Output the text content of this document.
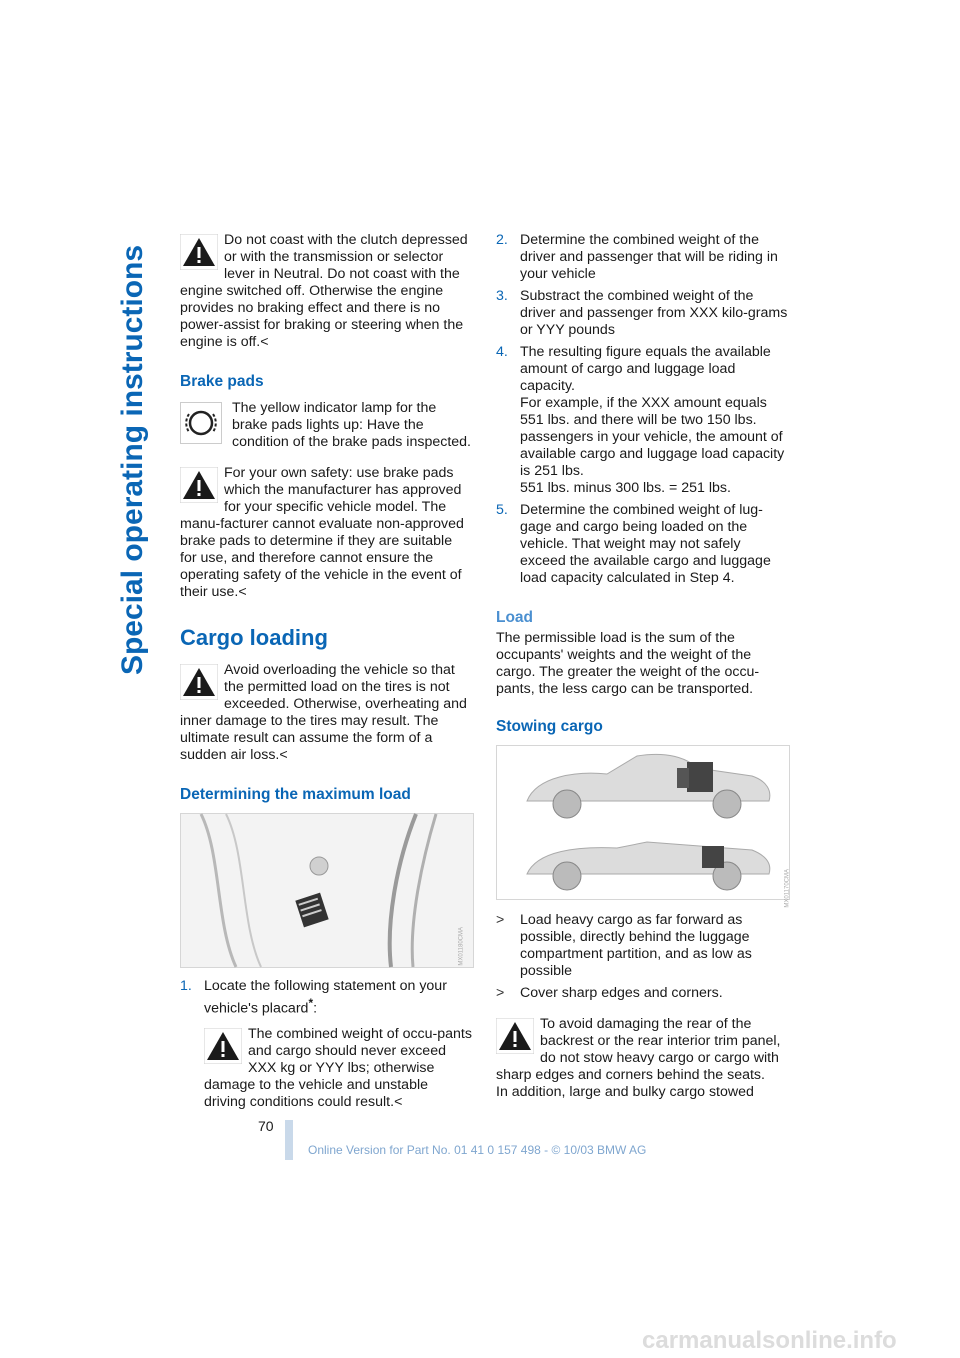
Special operating instructions

Do not coast with the clutch depressed or with the transmission or selector lever in Neutral. Do not coast with the engine switched off. Otherwise the engine provides no braking effect and there is no power-assist for braking or steering when the engine is off.<

Brake pads

The yellow indicator lamp for the brake pads lights up: Have the condition of the brake pads inspected.

For your own safety: use brake pads which the manufacturer has approved for your specific vehicle model. The manu-facturer cannot evaluate non-approved brake pads to determine if they are suitable for use, and therefore cannot ensure the operating safety of the vehicle in the event of their use.<

Cargo loading

Avoid overloading the vehicle so that the permitted load on the tires is not exceeded. Otherwise, overheating and inner damage to the tires may result. The ultimate result can assume the form of a sudden air loss.<

Determining the maximum load
MX01180CMA
1. Locate the following statement on your vehicle's placard*:

The combined weight of occu-pants and cargo should never exceed XXX kg or YYY lbs; otherwise damage to the vehicle and unstable driving conditions could result.<

2. Determine the combined weight of the driver and passenger that will be riding in your vehicle

3. Substract the combined weight of the driver and passenger from XXX kilo-grams or YYY pounds

4. The resulting figure equals the available amount of cargo and luggage load capacity.
For example, if the XXX amount equals 551 lbs. and there will be two 150 lbs. passengers in your vehicle, the amount of available cargo and luggage load capacity is 251 lbs.
551 lbs. minus 300 lbs. = 251 lbs.

5. Determine the combined weight of lug-gage and cargo being loaded on the vehicle. That weight may not safely exceed the available cargo and luggage load capacity calculated in Step 4.

Load

The permissible load is the sum of the occupants' weights and the weight of the cargo. The greater the weight of the occu-pants, the less cargo can be transported.

Stowing cargo
MX01170CMA
> Load heavy cargo as far forward as possible, directly behind the luggage compartment partition, and as low as possible

> Cover sharp edges and corners.

To avoid damaging the rear of the backrest or the rear interior trim panel, do not stow heavy cargo or cargo with sharp edges and corners behind the seats.
In addition, large and bulky cargo stowed

70
Online Version for Part No. 01 41 0 157 498 - © 10/03 BMW AG
carmanualsonline.info
